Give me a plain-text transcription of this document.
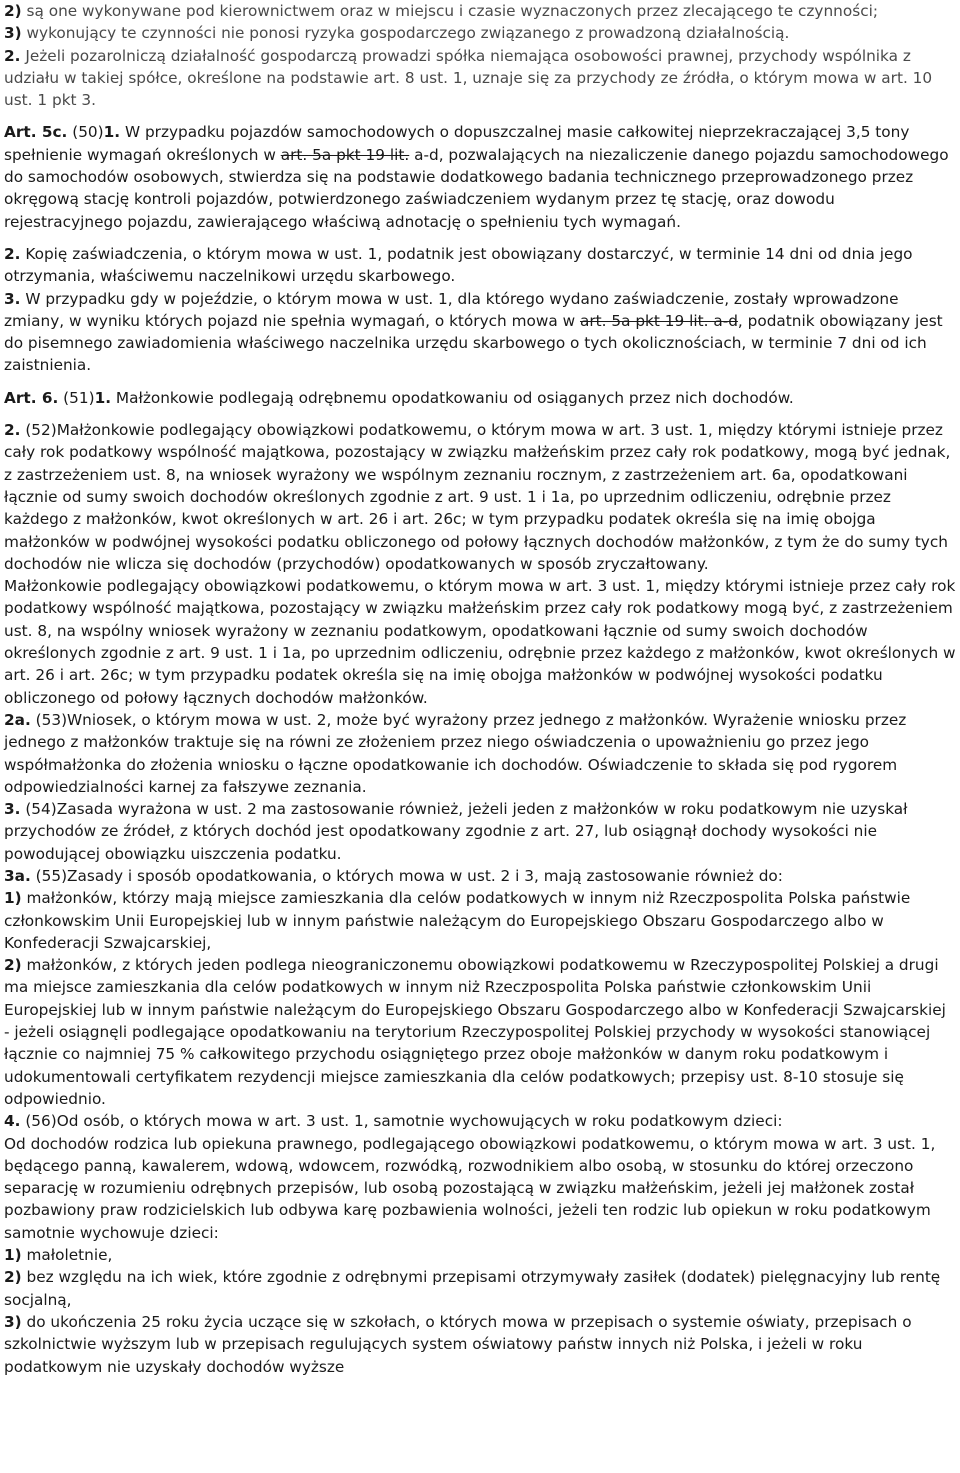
2) są one wykonywane pod kierownictwem oraz w miejscu i czasie wyznaczonych przez zlecającego te czynności;

3) wykonujący te czynności nie ponosi ryzyka gospodarczego związanego z prowadzoną działalnością.

2. Jeżeli pozarolniczą działalność gospodarczą prowadzi spółka niemająca osobowości prawnej, przychody wspólnika z udziału w takiej spółce, określone na podstawie art. 8 ust. 1, uznaje się za przychody ze źródła, o którym mowa w art. 10 ust. 1 pkt 3.

Art. 5c. (50)1. W przypadku pojazdów samochodowych o dopuszczalnej masie całkowitej nieprzekraczającej 3,5 tony spełnienie wymagań określonych w art. 5a pkt 19 lit. a-d, pozwalających na niezaliczenie danego pojazdu samochodowego do samochodów osobowych, stwierdza się na podstawie dodatkowego badania technicznego przeprowadzonego przez okręgową stację kontroli pojazdów, potwierdzonego zaświadczeniem wydanym przez tę stację, oraz dowodu rejestracyjnego pojazdu, zawierającego właściwą adnotację o spełnieniu tych wymagań.

2. Kopię zaświadczenia, o którym mowa w ust. 1, podatnik jest obowiązany dostarczyć, w terminie 14 dni od dnia jego otrzymania, właściwemu naczelnikowi urzędu skarbowego.

3. W przypadku gdy w pojeździe, o którym mowa w ust. 1, dla którego wydano zaświadczenie, zostały wprowadzone zmiany, w wyniku których pojazd nie spełnia wymagań, o których mowa w art. 5a pkt 19 lit. a-d, podatnik obowiązany jest do pisemnego zawiadomienia właściwego naczelnika urzędu skarbowego o tych okolicznościach, w terminie 7 dni od ich zaistnienia.

Art. 6. (51)1. Małżonkowie podlegają odrębnemu opodatkowaniu od osiąganych przez nich dochodów.

2. (52)Małżonkowie podlegający obowiązkowi podatkowemu, o którym mowa w art. 3 ust. 1, między którymi istnieje przez cały rok podatkowy wspólność majątkowa, pozostający w związku małżeńskim przez cały rok podatkowy, mogą być jednak, z zastrzeżeniem ust. 8, na wniosek wyrażony we wspólnym zeznaniu rocznym, z zastrzeżeniem art. 6a, opodatkowani łącznie od sumy swoich dochodów określonych zgodnie z art. 9 ust. 1 i 1a, po uprzednim odliczeniu, odrębnie przez każdego z małżonków, kwot określonych w art. 26 i art. 26c; w tym przypadku podatek określa się na imię obojga małżonków w podwójnej wysokości podatku obliczonego od połowy łącznych dochodów małżonków, z tym że do sumy tych dochodów nie wlicza się dochodów (przychodów) opodatkowanych w sposób zryczałtowany.

Małżonkowie podlegający obowiązkowi podatkowemu, o którym mowa w art. 3 ust. 1, między którymi istnieje przez cały rok podatkowy wspólność majątkowa, pozostający w związku małżeńskim przez cały rok podatkowy mogą być, z zastrzeżeniem ust. 8, na wspólny wniosek wyrażony w zeznaniu podatkowym, opodatkowani łącznie od sumy swoich dochodów określonych zgodnie z art. 9 ust. 1 i 1a, po uprzednim odliczeniu, odrębnie przez każdego z małżonków, kwot określonych w art. 26 i art. 26c; w tym przypadku podatek określa się na imię obojga małżonków w podwójnej wysokości podatku obliczonego od połowy łącznych dochodów małżonków.

2a. (53)Wniosek, o którym mowa w ust. 2, może być wyrażony przez jednego z małżonków. Wyrażenie wniosku przez jednego z małżonków traktuje się na równi ze złożeniem przez niego oświadczenia o upoważnieniu go przez jego współmałżonka do złożenia wniosku o łączne opodatkowanie ich dochodów. Oświadczenie to składa się pod rygorem odpowiedzialności karnej za fałszywe zeznania.

3. (54)Zasada wyrażona w ust. 2 ma zastosowanie również, jeżeli jeden z małżonków w roku podatkowym nie uzyskał przychodów ze źródeł, z których dochód jest opodatkowany zgodnie z art. 27, lub osiągnął dochody wysokości nie powodującej obowiązku uiszczenia podatku.

3a. (55)Zasady i sposób opodatkowania, o których mowa w ust. 2 i 3, mają zastosowanie również do:

1) małżonków, którzy mają miejsce zamieszkania dla celów podatkowych w innym niż Rzeczpospolita Polska państwie członkowskim Unii Europejskiej lub w innym państwie należącym do Europejskiego Obszaru Gospodarczego albo w Konfederacji Szwajcarskiej,

2) małżonków, z których jeden podlega nieograniczonemu obowiązkowi podatkowemu w Rzeczypospolitej Polskiej a drugi ma miejsce zamieszkania dla celów podatkowych w innym niż Rzeczpospolita Polska państwie członkowskim Unii Europejskiej lub w innym państwie należącym do Europejskiego Obszaru Gospodarczego albo w Konfederacji Szwajcarskiej

- jeżeli osiągnęli podlegające opodatkowaniu na terytorium Rzeczypospolitej Polskiej przychody w wysokości stanowiącej łącznie co najmniej 75 % całkowitego przychodu osiągniętego przez oboje małżonków w danym roku podatkowym i udokumentowali certyfikatem rezydencji miejsce zamieszkania dla celów podatkowych; przepisy ust. 8-10 stosuje się odpowiednio.

4. (56)Od osób, o których mowa w art. 3 ust. 1, samotnie wychowujących w roku podatkowym dzieci:

Od dochodów rodzica lub opiekuna prawnego, podlegającego obowiązkowi podatkowemu, o którym mowa w art. 3 ust. 1, będącego panną, kawalerem, wdową, wdowcem, rozwódką, rozwodnikiem albo osobą, w stosunku do której orzeczono separację w rozumieniu odrębnych przepisów, lub osobą pozostającą w związku małżeńskim, jeżeli jej małżonek został pozbawiony praw rodzicielskich lub odbywa karę pozbawienia wolności, jeżeli ten rodzic lub opiekun w roku podatkowym samotnie wychowuje dzieci:

1) małoletnie,

2) bez względu na ich wiek, które zgodnie z odrębnymi przepisami otrzymywały zasiłek (dodatek) pielęgnacyjny lub rentę socjalną,

3) do ukończenia 25 roku życia uczące się w szkołach, o których mowa w przepisach o systemie oświaty, przepisach o szkolnictwie wyższym lub w przepisach regulujących system oświatowy państw innych niż Polska, i jeżeli w roku podatkowym nie uzyskały dochodów wyższe
